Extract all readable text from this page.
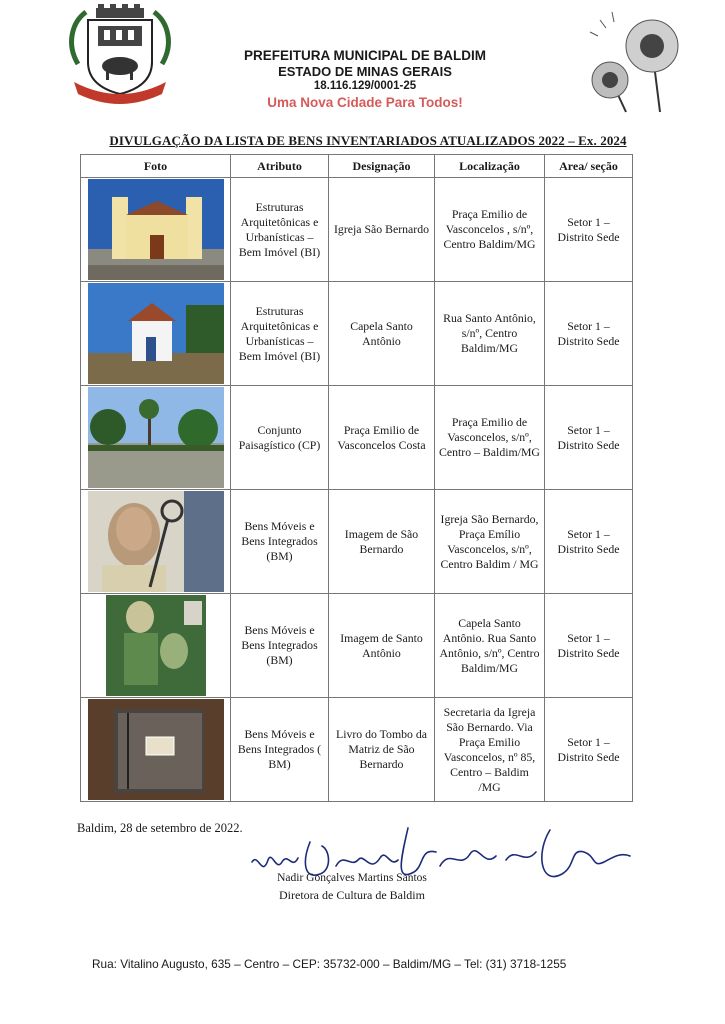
PREFEITURA MUNICIPAL DE BALDIM
ESTADO DE MINAS GERAIS
18.116.129/0001-25
Uma Nova Cidade Para Todos!
DIVULGAÇÃO DA LISTA DE BENS INVENTARIADOS ATUALIZADOS 2022 – Ex. 2024
Foto	Atributo	Designação	Localização	Area/ seção

	Estruturas Arquitetônicas e Urbanísticas – Bem Imóvel (BI)	Igreja São Bernardo	Praça Emilio de Vasconcelos , s/nº, Centro Baldim/MG	Setor 1 – Distrito Sede

	Estruturas Arquitetônicas e Urbanísticas – Bem Imóvel (BI)	Capela Santo Antônio	Rua Santo Antônio, s/nº, Centro Baldim/MG	Setor 1 – Distrito Sede

	Conjunto Paisagístico (CP)	Praça Emilio de Vasconcelos Costa	Praça Emilio de Vasconcelos, s/nº, Centro – Baldim/MG	Setor 1 – Distrito Sede

	Bens Móveis e Bens Integrados (BM)	Imagem de São Bernardo	Igreja São Bernardo, Praça Emílio Vasconcelos, s/nº, Centro Baldim / MG	Setor 1 – Distrito Sede

	Bens Móveis e Bens Integrados (BM)	Imagem de Santo Antônio	Capela Santo Antônio. Rua Santo Antônio, s/nº, Centro Baldim/MG	Setor 1 – Distrito Sede

	Bens Móveis e Bens Integrados ( BM)	Livro do Tombo da Matriz de São Bernardo	Secretaria da Igreja São Bernardo. Via Praça Emilio Vasconcelos, nº 85, Centro – Baldim /MG	Setor 1 – Distrito Sede
Baldim, 28 de setembro de 2022.
Nadir Gonçalves Martins Santos
Diretora de Cultura de Baldim
Rua: Vitalino Augusto, 635 – Centro – CEP: 35732-000 – Baldim/MG – Tel: (31) 3718-1255
